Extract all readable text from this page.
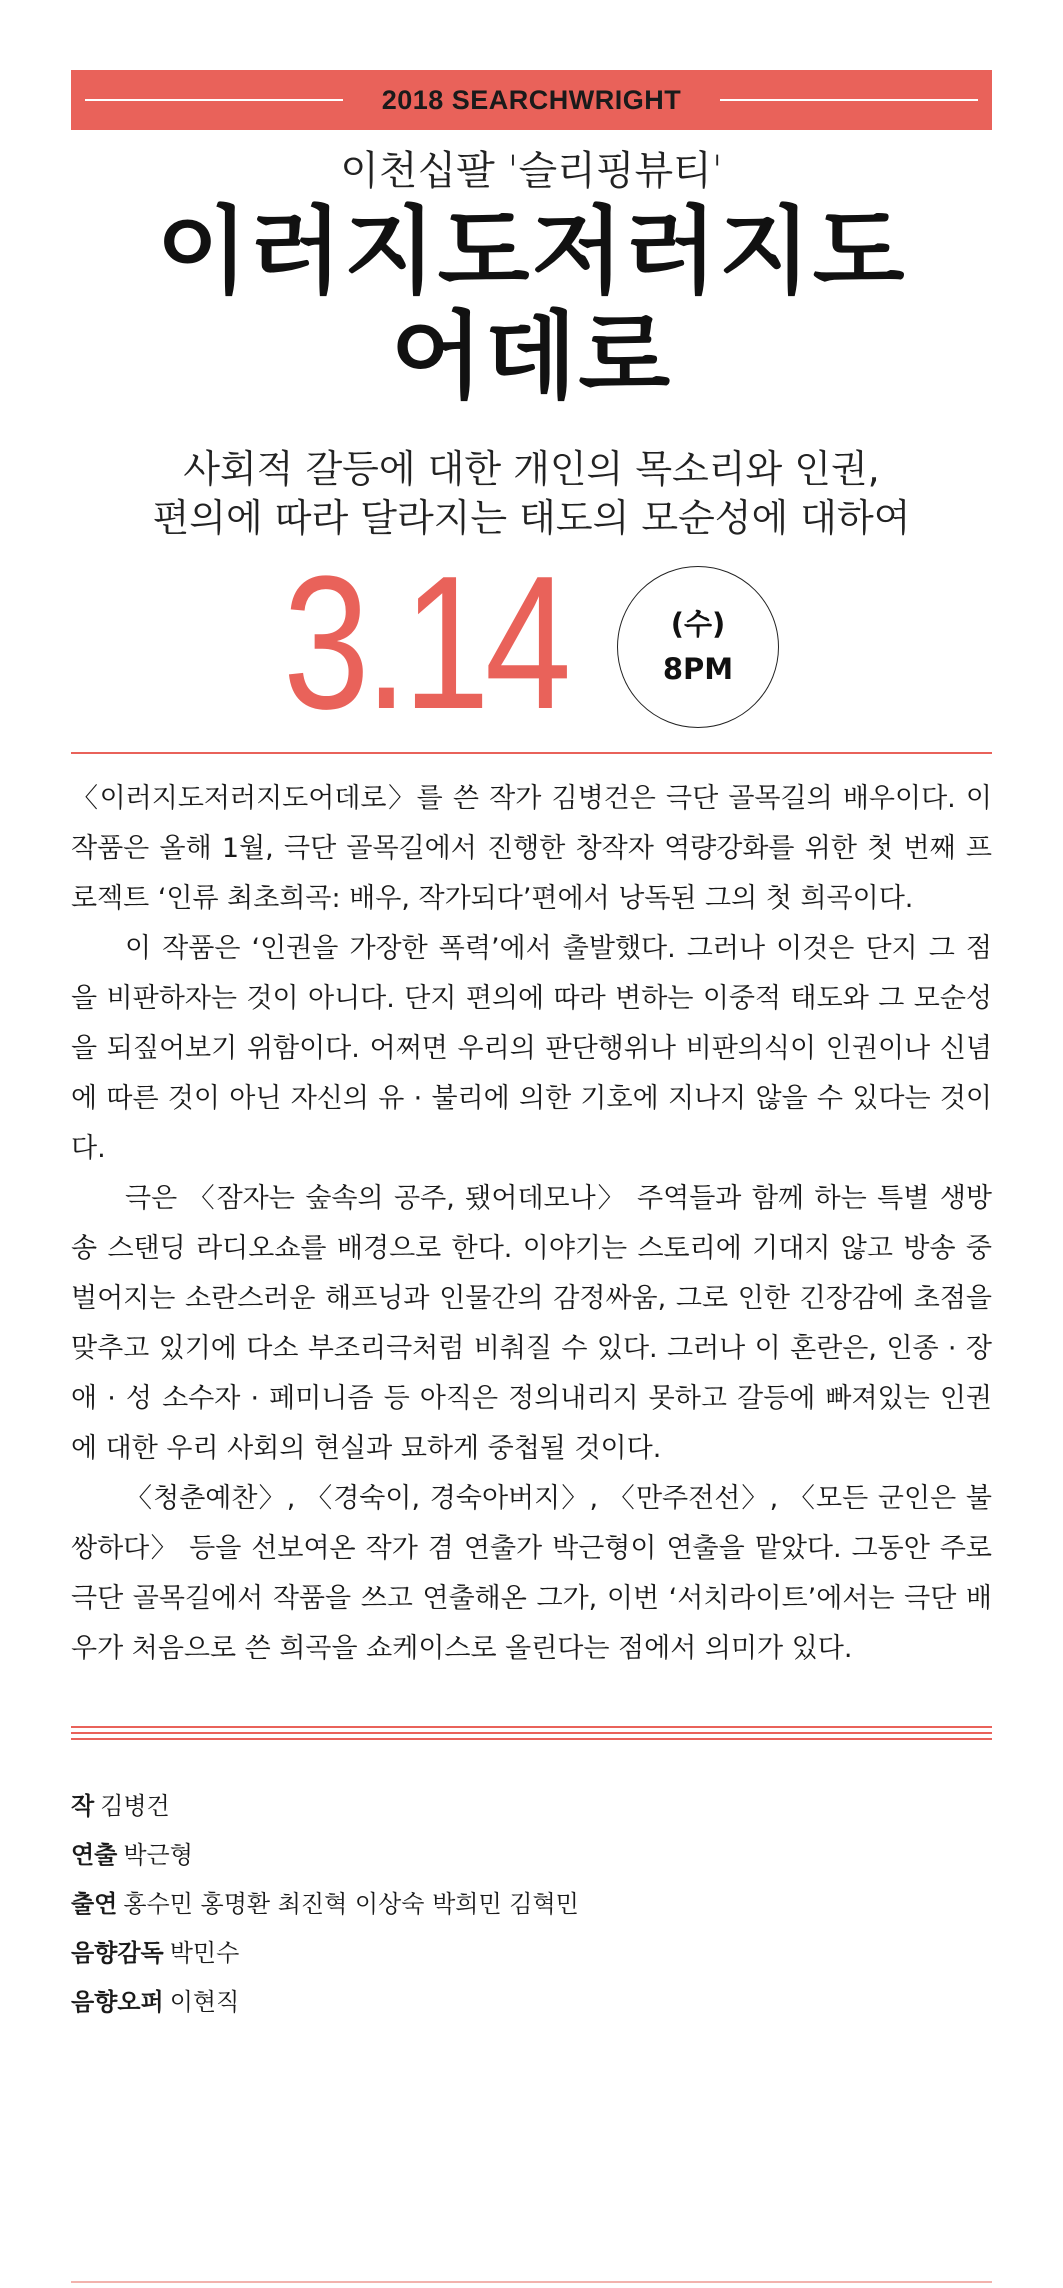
2018 SEARCHWRIGHT
이천십팔 '슬리핑뷰티'
이러지도저러지도
어데로
사회적 갈등에 대한 개인의 목소리와 인권,
편의에 따라 달라지는 태도의 모순성에 대하여
3.14	(수)
8PM

〈이러지도저러지도어데로〉를 쓴 작가 김병건은 극단 골목길의 배우이다. 이 작품은 올해 1월, 극단 골목길에서 진행한 창작자 역량강화를 위한 첫 번째 프로젝트 ‘인류 최초희곡: 배우, 작가되다’편에서 낭독된 그의 첫 희곡이다.

이 작품은 ‘인권을 가장한 폭력’에서 출발했다. 그러나 이것은 단지 그 점을 비판하자는 것이 아니다. 단지 편의에 따라 변하는 이중적 태도와 그 모순성을 되짚어보기 위함이다. 어쩌면 우리의 판단행위나 비판의식이 인권이나 신념에 따른 것이 아닌 자신의 유 · 불리에 의한 기호에 지나지 않을 수 있다는 것이다.

극은 〈잠자는 숲속의 공주, 됐어데모나〉 주역들과 함께 하는 특별 생방송 스탠딩 라디오쇼를 배경으로 한다. 이야기는 스토리에 기대지 않고 방송 중 벌어지는 소란스러운 해프닝과 인물간의 감정싸움, 그로 인한 긴장감에 초점을 맞추고 있기에 다소 부조리극처럼 비춰질 수 있다. 그러나 이 혼란은, 인종 · 장애 · 성 소수자 · 페미니즘 등 아직은 정의내리지 못하고 갈등에 빠져있는 인권에 대한 우리 사회의 현실과 묘하게 중첩될 것이다.

〈청춘예찬〉, 〈경숙이, 경숙아버지〉, 〈만주전선〉, 〈모든 군인은 불쌍하다〉 등을 선보여온 작가 겸 연출가 박근형이 연출을 맡았다. 그동안 주로 극단 골목길에서 작품을 쓰고 연출해온 그가, 이번 ‘서치라이트’에서는 극단 배우가 처음으로 쓴 희곡을 쇼케이스로 올린다는 점에서 의미가 있다.

작 김병건
연출 박근형
출연 홍수민 홍명환 최진혁 이상숙 박희민 김혁민
음향감독 박민수
음향오퍼 이현직
